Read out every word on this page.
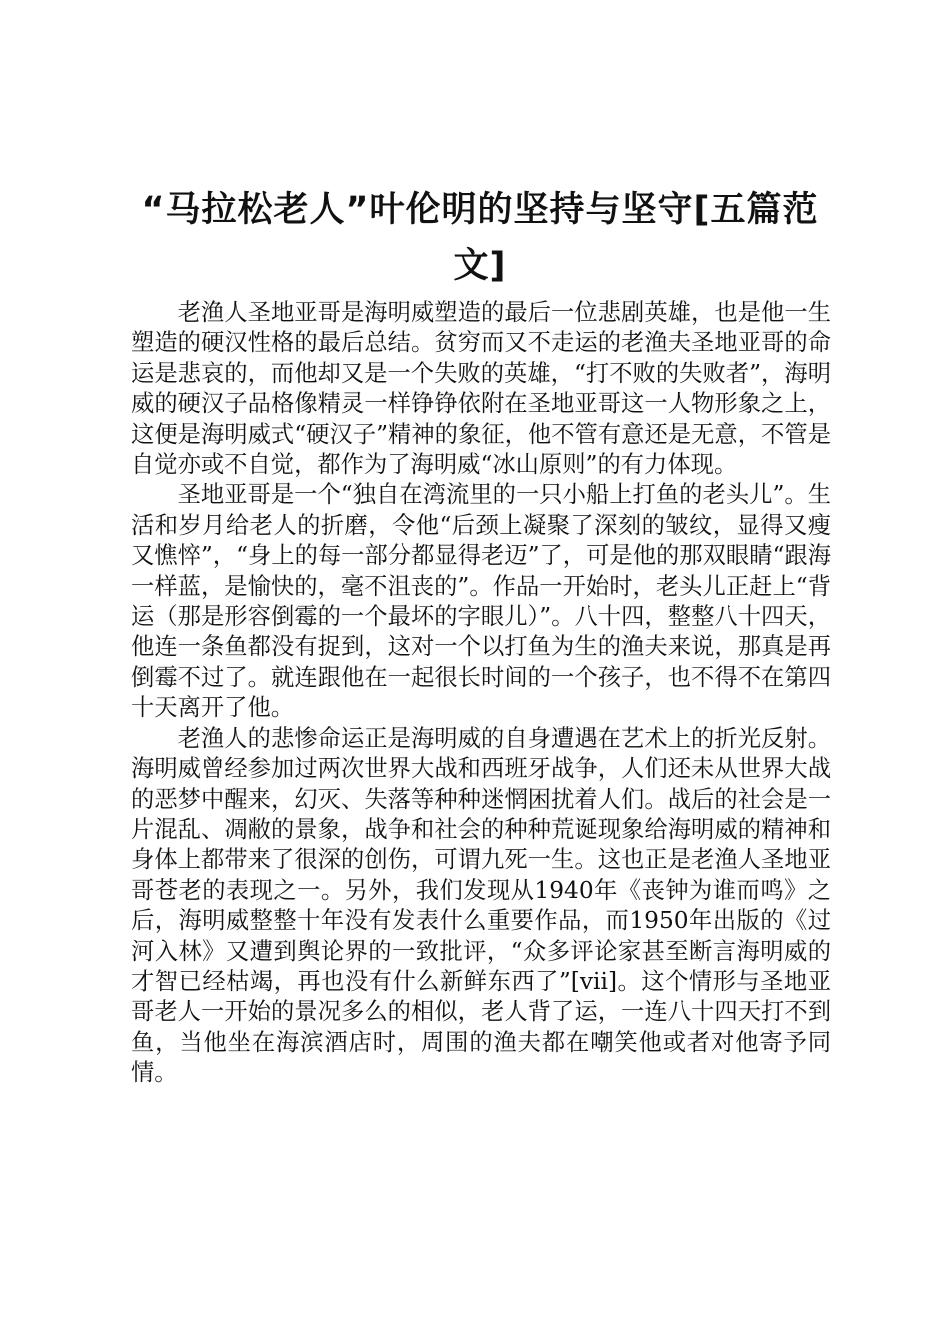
“马拉松老人”叶伦明的坚持与坚守[五篇范文]

老渔人圣地亚哥是海明威塑造的最后一位悲剧英雄，也是他一生塑造的硬汉性格的最后总结。贫穷而又不走运的老渔夫圣地亚哥的命运是悲哀的，而他却又是一个失败的英雄，“打不败的失败者”，海明威的硬汉子品格像精灵一样铮铮依附在圣地亚哥这一人物形象之上，这便是海明威式“硬汉子”精神的象征，他不管有意还是无意，不管是自觉亦或不自觉，都作为了海明威“冰山原则”的有力体现。

圣地亚哥是一个“独自在湾流里的一只小船上打鱼的老头儿”。生活和岁月给老人的折磨，令他“后颈上凝聚了深刻的皱纹，显得又瘦又憔悴”，“身上的每一部分都显得老迈”了，可是他的那双眼睛“跟海一样蓝，是愉快的，毫不沮丧的”。作品一开始时，老头儿正赶上“背运（那是形容倒霉的一个最坏的字眼儿）”。八十四，整整八十四天，他连一条鱼都没有捉到，这对一个以打鱼为生的渔夫来说，那真是再倒霉不过了。就连跟他在一起很长时间的一个孩子，也不得不在第四十天离开了他。

老渔人的悲惨命运正是海明威的自身遭遇在艺术上的折光反射。海明威曾经参加过两次世界大战和西班牙战争，人们还未从世界大战的恶梦中醒来，幻灭、失落等种种迷惘困扰着人们。战后的社会是一片混乱、凋敝的景象，战争和社会的种种荒诞现象给海明威的精神和身体上都带来了很深的创伤，可谓九死一生。这也正是老渔人圣地亚哥苍老的表现之一。另外，我们发现从1940年《丧钟为谁而鸣》之后，海明威整整十年没有发表什么重要作品，而1950年出版的《过河入林》又遭到舆论界的一致批评，“众多评论家甚至断言海明威的才智已经枯竭，再也没有什么新鲜东西了”[vii]。这个情形与圣地亚哥老人一开始的景况多么的相似，老人背了运，一连八十四天打不到鱼，当他坐在海滨酒店时，周围的渔夫都在嘲笑他或者对他寄予同情。
